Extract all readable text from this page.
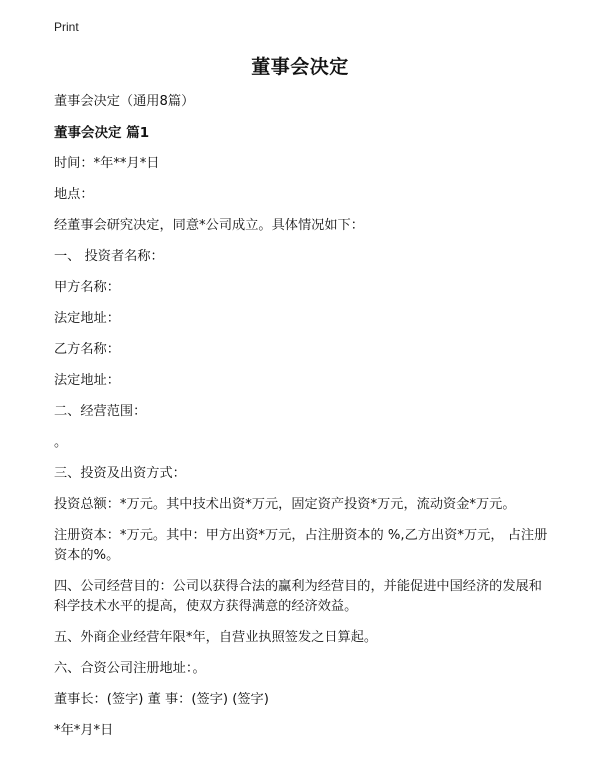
Print
董事会决定
董事会决定（通用8篇）
董事会决定 篇1
时间：*年**月*日
地点：
经董事会研究决定，同意*公司成立。具体情况如下：
一、 投资者名称：
甲方名称：
法定地址：
乙方名称：
法定地址：
二、经营范围：
。
三、投资及出资方式：
投资总额：*万元。其中技术出资*万元，固定资产投资*万元，流动资金*万元。
注册资本：*万元。其中：甲方出资*万元，占注册资本的 %,乙方出资*万元， 占注册资本的%。
四、公司经营目的：公司以获得合法的赢利为经营目的，并能促进中国经济的发展和科学技术水平的提高，使双方获得满意的经济效益。
五、外商企业经营年限*年，自营业执照签发之日算起。
六、合资公司注册地址：。
董事长：(签字) 董 事：(签字) (签字)
*年*月*日
